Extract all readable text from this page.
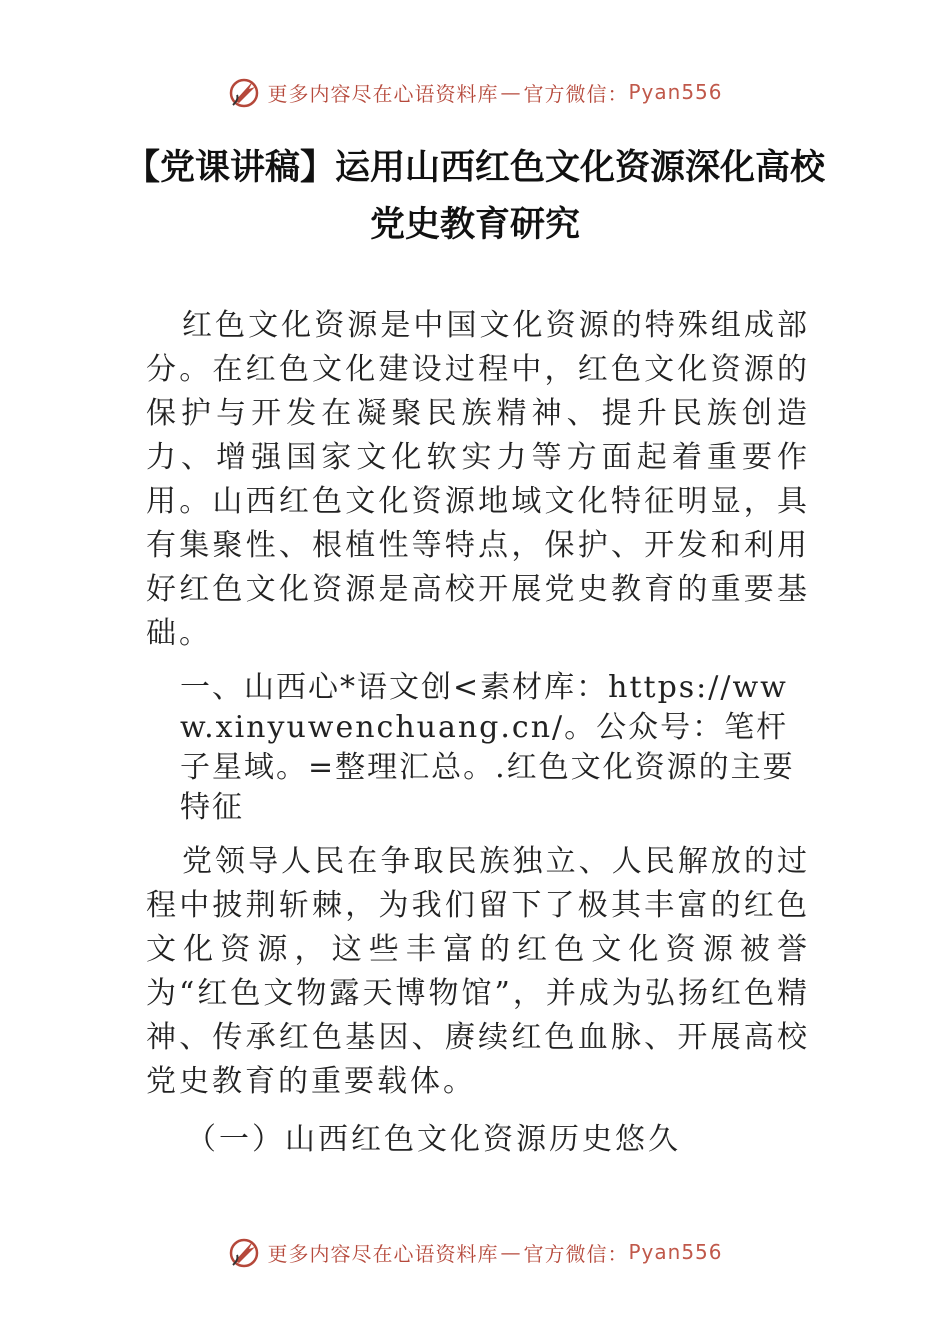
更多内容尽在心语资料库 — 官方微信： Pyan556
【党课讲稿】运用山西红色文化资源深化高校
党史教育研究

红色文化资源是中国文化资源的特殊组成部分。在红色文化建设过程中，红色文化资源的保护与开发在凝聚民族精神、提升民族创造力、增强国家文化软实力等方面起着重要作用。山西红色文化资源地域文化特征明显，具有集聚性、根植性等特点，保护、开发和利用好红色文化资源是高校开展党史教育的重要基础。

一、山西心*语文创<素材库：https://www.xinyuwenchuang.cn/。公众号：笔杆子星域。=整理汇总。.红色文化资源的主要特征

党领导人民在争取民族独立、人民解放的过程中披荆斩棘，为我们留下了极其丰富的红色文化资源，这些丰富的红色文化资源被誉为“红色文物露天博物馆”，并成为弘扬红色精神、传承红色基因、赓续红色血脉、开展高校党史教育的重要载体。

（一）山西红色文化资源历史悠久

更多内容尽在心语资料库 — 官方微信： Pyan556
